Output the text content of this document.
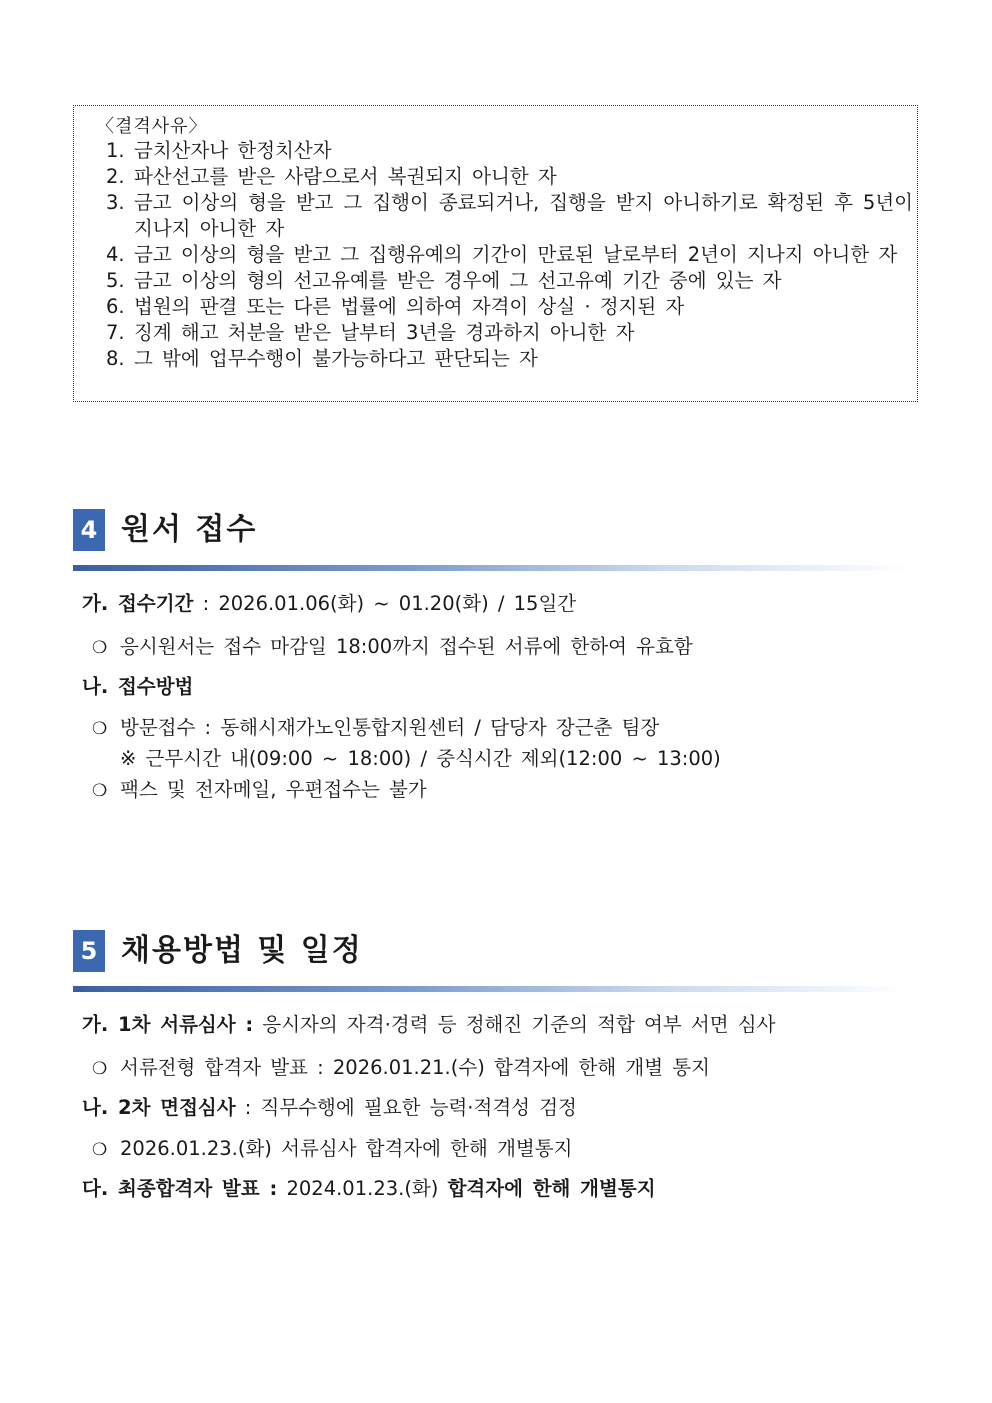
〈결격사유〉
1. 금치산자나 한정치산자
2. 파산선고를 받은 사람으로서 복권되지 아니한 자
3. 금고 이상의 형을 받고 그 집행이 종료되거나, 집행을 받지 아니하기로 확정된 후 5년이 지나지 아니한 자
4. 금고 이상의 형을 받고 그 집행유예의 기간이 만료된 날로부터 2년이 지나지 아니한 자
5. 금고 이상의 형의 선고유예를 받은 경우에 그 선고유예 기간 중에 있는 자
6. 법원의 판결 또는 다른 법률에 의하여 자격이 상실 · 정지된 자
7. 징계 해고 처분을 받은 날부터 3년을 경과하지 아니한 자
8. 그 밖에 업무수행이 불가능하다고 판단되는 자
4 원서 접수
가. 접수기간 : 2026.01.06(화) ~ 01.20(화) / 15일간
❍ 응시원서는 접수 마감일 18:00까지 접수된 서류에 한하여 유효함
나. 접수방법
❍ 방문접수 : 동해시재가노인통합지원센터 / 담당자 장근춘 팀장
※ 근무시간 내(09:00 ~ 18:00) / 중식시간 제외(12:00 ~ 13:00)
❍ 팩스 및 전자메일, 우편접수는 불가
5 채용방법 및 일정
가. 1차 서류심사 : 응시자의 자격·경력 등 정해진 기준의 적합 여부 서면 심사
❍ 서류전형 합격자 발표 : 2026.01.21.(수) 합격자에 한해 개별 통지
나. 2차 면접심사 : 직무수행에 필요한 능력·적격성 검정
❍ 2026.01.23.(화) 서류심사 합격자에 한해 개별통지
다. 최종합격자 발표 : 2024.01.23.(화) 합격자에 한해 개별통지
